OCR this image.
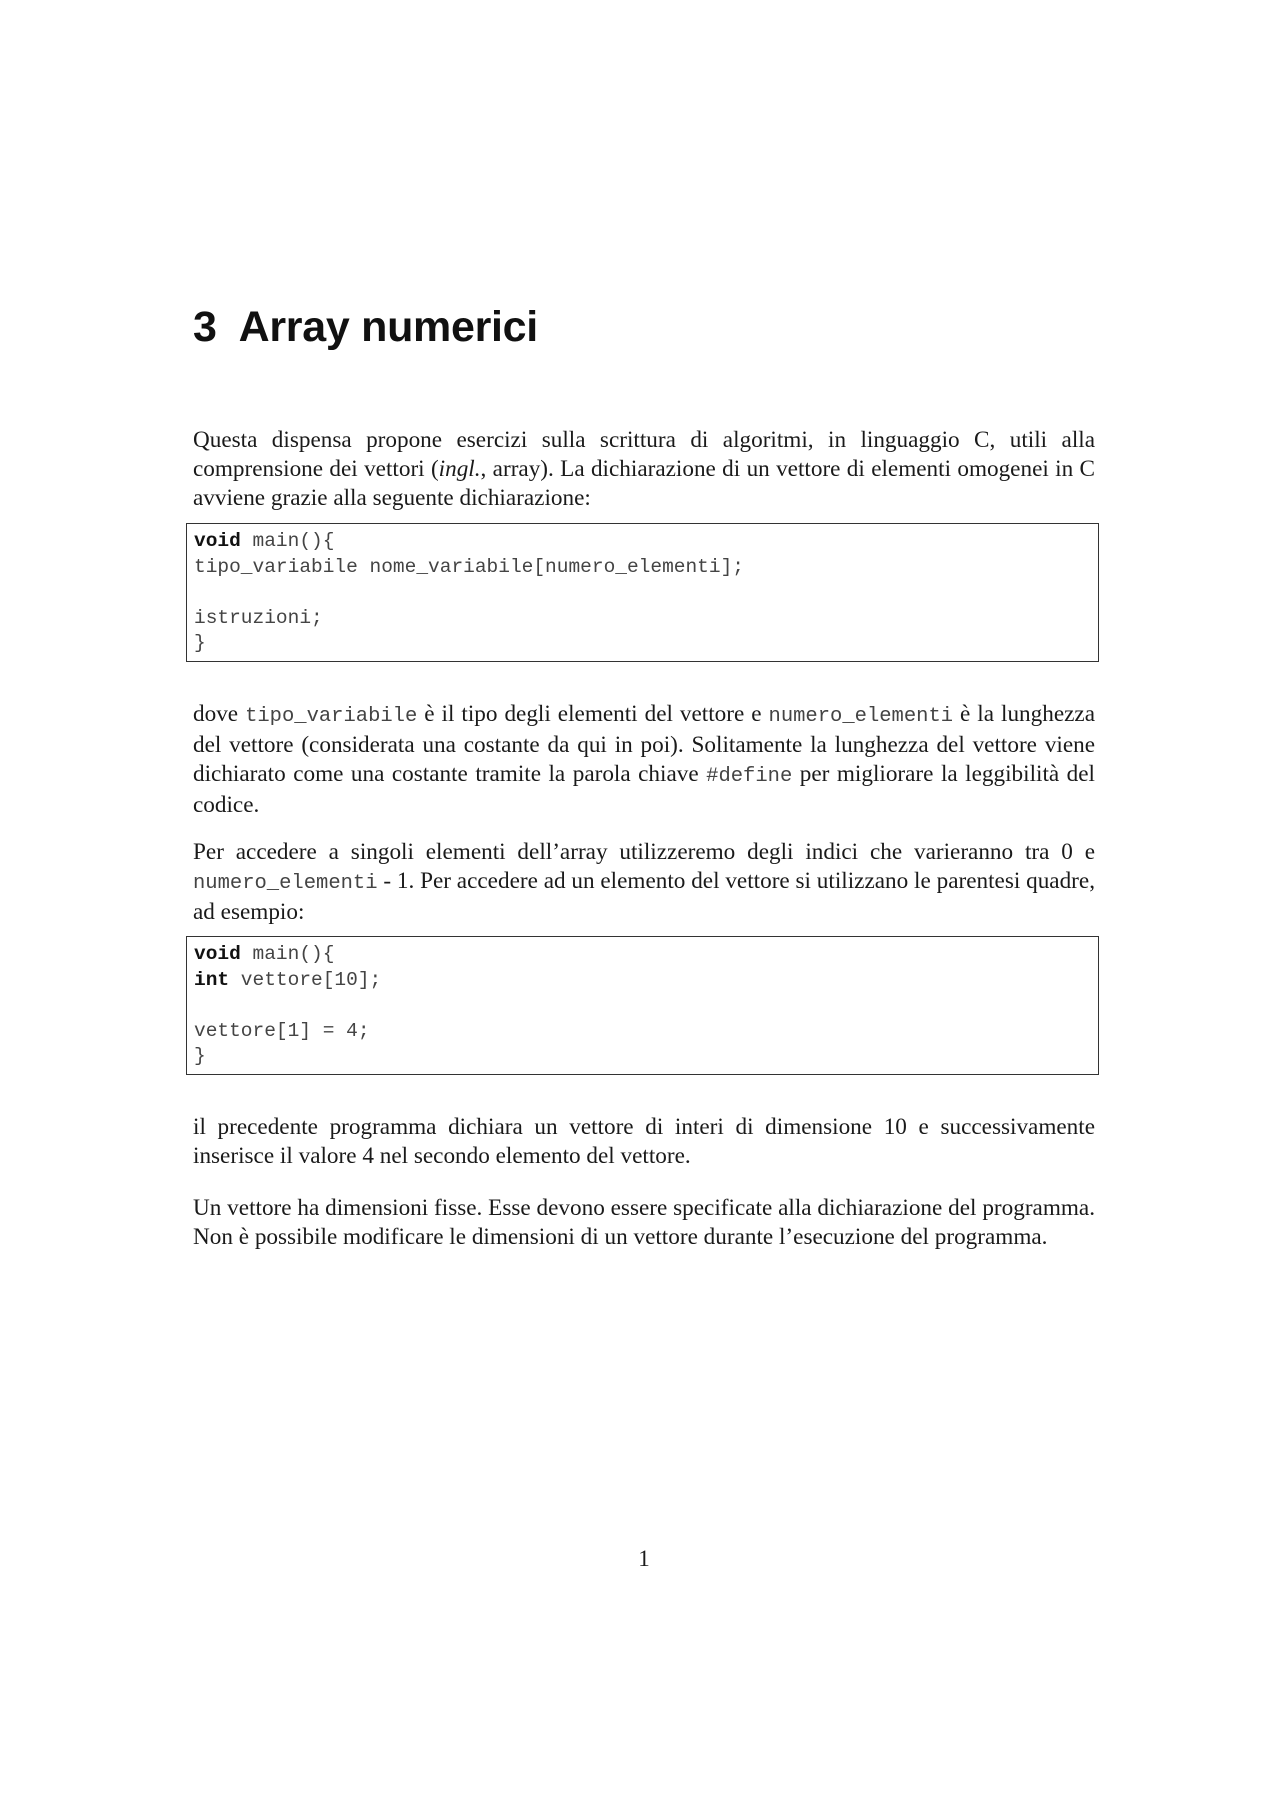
3 Array numerici

Questa dispensa propone esercizi sulla scrittura di algoritmi, in linguaggio C, utili alla comprensione dei vettori (ingl., array). La dichiarazione di un vettore di elementi omogenei in C avviene grazie alla seguente dichiarazione:

void main(){
tipo_variabile nome_variabile[numero_elementi];
istruzioni;
}

dove tipo_variabile è il tipo degli elementi del vettore e numero_elementi è la lunghezza del vettore (considerata una costante da qui in poi). Solitamente la lunghezza del vettore viene dichiarato come una costante tramite la parola chiave #define per migliorare la leggibilità del codice.

Per accedere a singoli elementi dell’array utilizzeremo degli indici che varieranno tra 0 e numero_elementi - 1. Per accedere ad un elemento del vettore si utilizzano le parentesi quadre, ad esempio:

void main(){
int vettore[10];
vettore[1] = 4;
}

il precedente programma dichiara un vettore di interi di dimensione 10 e successivamente inserisce il valore 4 nel secondo elemento del vettore.

Un vettore ha dimensioni fisse. Esse devono essere specificate alla dichiarazione del programma. Non è possibile modificare le dimensioni di un vettore durante l’esecuzione del programma.

1
